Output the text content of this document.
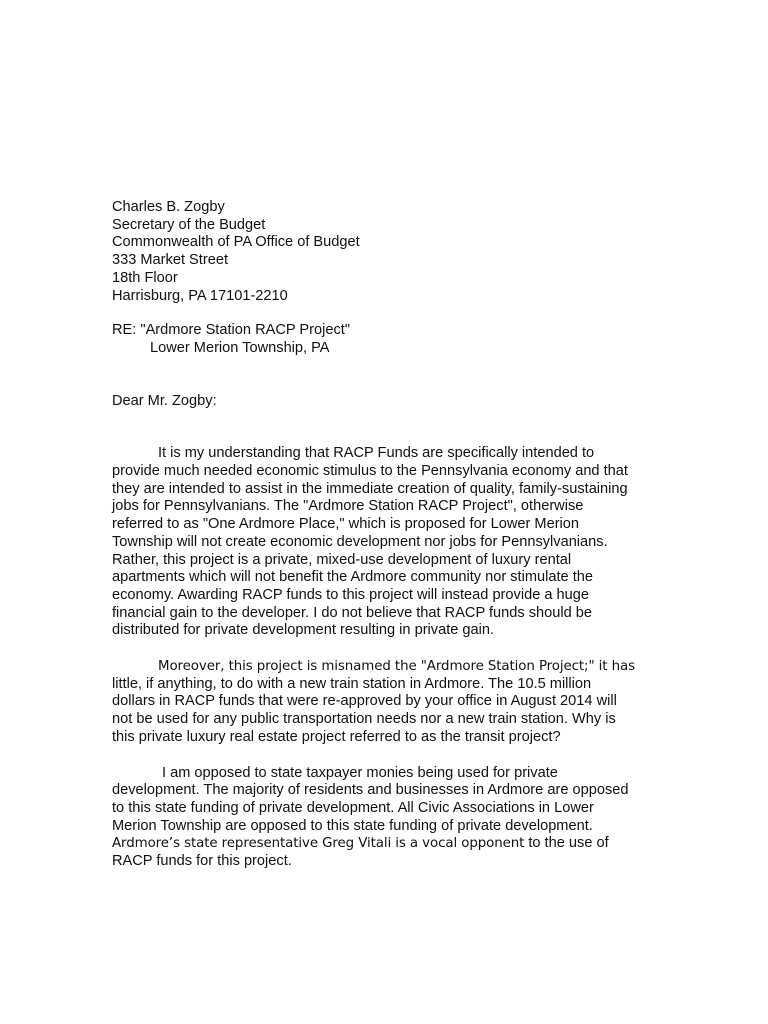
Charles B. Zogby
Secretary of the Budget
Commonwealth of PA Office of Budget
333 Market Street
18th Floor
Harrisburg, PA 17101-2210
RE: "Ardmore Station RACP Project"
Lower Merion Township, PA
Dear Mr. Zogby:
It is my understanding that RACP Funds are specifically intended to
provide much needed economic stimulus to the Pennsylvania economy and that
they are intended to assist in the immediate creation of quality, family-sustaining
jobs for Pennsylvanians. The "Ardmore Station RACP Project", otherwise
referred to as "One Ardmore Place," which is proposed for Lower Merion
Township will not create economic development nor jobs for Pennsylvanians.
Rather, this project is a private, mixed-use development of luxury rental
apartments which will not benefit the Ardmore community nor stimulate the
economy. Awarding RACP funds to this project will instead provide a huge
financial gain to the developer. I do not believe that RACP funds should be
distributed for private development resulting in private gain.
Moreover, this project is misnamed the "Ardmore Station Project;" it has
little, if anything, to do with a new train station in Ardmore. The 10.5 million
dollars in RACP funds that were re-approved by your office in August 2014 will
not be used for any public transportation needs nor a new train station. Why is
this private luxury real estate project referred to as the transit project?
I am opposed to state taxpayer monies being used for private
development. The majority of residents and businesses in Ardmore are opposed
to this state funding of private development. All Civic Associations in Lower
Merion Township are opposed to this state funding of private development.
Ardmore’s state representative Greg Vitali is a vocal opponent to the use of
RACP funds for this project.
